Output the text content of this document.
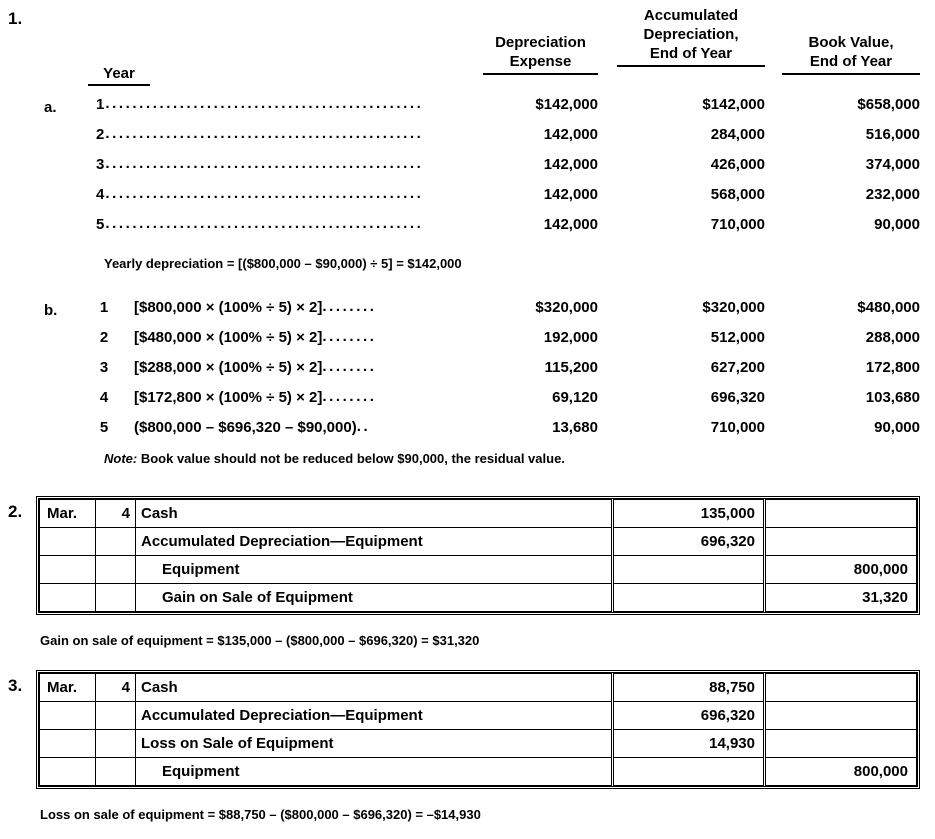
1.
Depreciation
Expense
Accumulated
Depreciation,
End of Year
Book Value,
End of Year
Year
a.	1 ...............................................	$142,000	$142,000	$658,000
2 ...............................................	142,000	284,000	516,000
3 ...............................................	142,000	426,000	374,000
4 ...............................................	142,000	568,000	232,000
5 ...............................................	142,000	710,000	90,000
Yearly depreciation = [($800,000 – $90,000) ÷ 5] = $142,000
b.	1 [$800,000 × (100% ÷ 5) × 2] ........	$320,000	$320,000	$480,000
2 [$480,000 × (100% ÷ 5) × 2] ........	192,000	512,000	288,000
3 [$288,000 × (100% ÷ 5) × 2] ........	115,200	627,200	172,800
4 [$172,800 × (100% ÷ 5) × 2] ........	69,120	696,320	103,680
5 ($800,000 – $696,320 – $90,000) ..	13,680	710,000	90,000
Note: Book value should not be reduced below $90,000, the residual value.
2. Mar.	4	Cash	135,000	
		Accumulated Depreciation—Equipment	696,320	
		Equipment		800,000
		Gain on Sale of Equipment		31,320
Gain on sale of equipment = $135,000 – ($800,000 – $696,320) = $31,320
3. Mar.	4	Cash	88,750	
		Accumulated Depreciation—Equipment	696,320	
		Loss on Sale of Equipment	14,930	
		Equipment		800,000
Loss on sale of equipment = $88,750 – ($800,000 – $696,320) = –$14,930
